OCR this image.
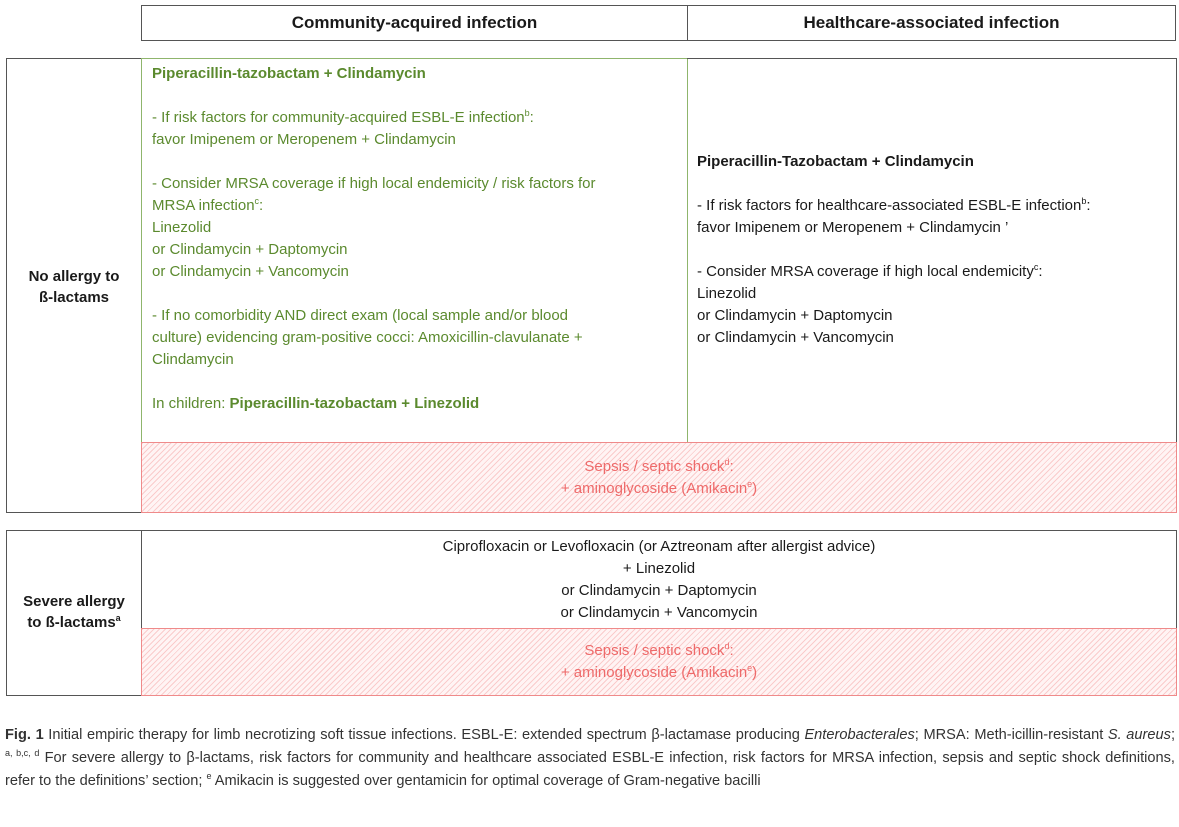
Community-acquired infection	Healthcare-associated infection
No allergy to
ß-lactams
Piperacillin-tazobactam + Clindamycin
- If risk factors for community-acquired ESBL-E infection$^b$:
favor Imipenem or Meropenem + Clindamycin
- Consider MRSA coverage if high local endemicity / risk factors for
MRSA infection$^c$:
Linezolid
or Clindamycin + Daptomycin
or Clindamycin + Vancomycin
- If no comorbidity AND direct exam (local sample and/or blood
culture) evidencing gram-positive cocci: Amoxicillin-clavulanate +
Clindamycin
In children: Piperacillin-tazobactam + Linezolid
Piperacillin-Tazobactam + Clindamycin
- If risk factors for healthcare-associated ESBL-E infection$^b$:
favor Imipenem or Meropenem + Clindamycin ’
- Consider MRSA coverage if high local endemicity$^c$:
Linezolid
or Clindamycin + Daptomycin
or Clindamycin + Vancomycin
Sepsis / septic shock$^d$:
+ aminoglycoside (Amikacin$^e$)
Severe allergy
to ß-lactams$^a$
Ciprofloxacin or Levofloxacin (or Aztreonam after allergist advice)
+ Linezolid
or Clindamycin + Daptomycin
or Clindamycin + Vancomycin
Sepsis / septic shock$^d$:
+ aminoglycoside (Amikacin$^e$)
Fig. 1 Initial empiric therapy for limb necrotizing soft tissue infections. ESBL-E: extended spectrum β-lactamase producing Enterobacterales; MRSA: Meth-icillin-resistant S. aureus; $^{a, b,c, d}$ For severe allergy to β-lactams, risk factors for community and healthcare associated ESBL-E infection, risk factors for MRSA infection, sepsis and septic shock definitions, refer to the definitions’ section; $^e$ Amikacin is suggested over gentamicin for optimal coverage of Gram-negative bacilli
